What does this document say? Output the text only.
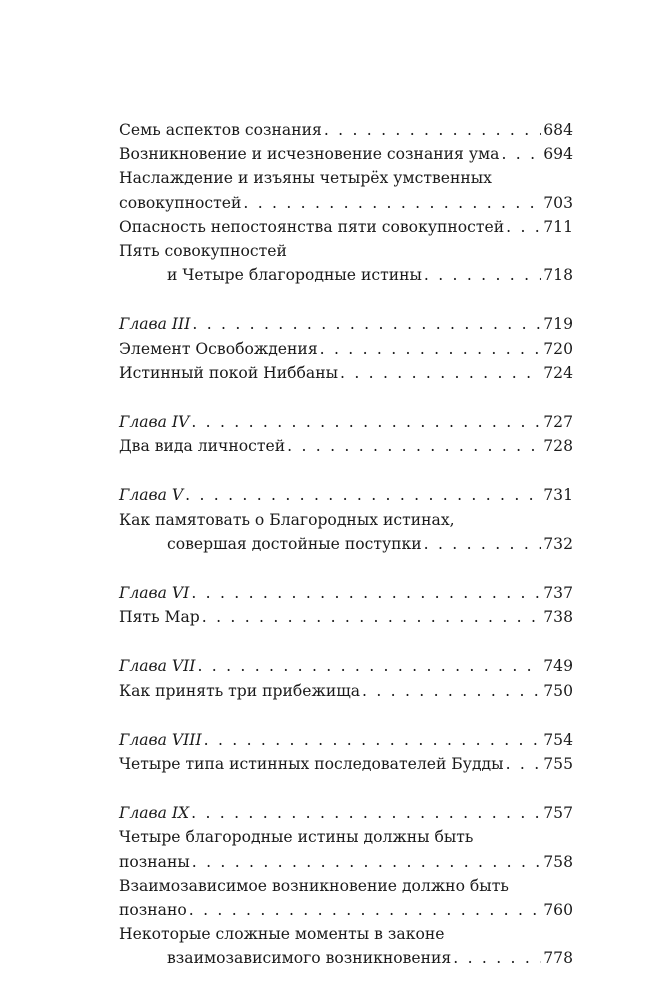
Семь аспектов сознания . . .	684
Возникновение и исчезновение сознания ума . . .	694
Наслаждение и изъяны четырёх умственных
совокупностей . . .	703
Опасность непостоянства пяти совокупностей . . .	711
Пять совокупностей
и Четыре благородные истины . . .	718
Глава III . . .	719
Элемент Освобождения . . .	720
Истинный покой Ниббаны . . .	724
Глава IV . . .	727
Два вида личностей . . .	728
Глава V . . .	731
Как памятовать о Благородных истинах,
совершая достойные поступки . . .	732
Глава VI . . .	737
Пять Мар . . .	738
Глава VII . . .	749
Как принять три прибежища . . .	750
Глава VIII . . .	754
Четыре типа истинных последователей Будды . . .	755
Глава IX . . .	757
Четыре благородные истины должны быть
познаны . . .	758
Взаимозависимое возникновение должно быть
познано . . .	760
Некоторые сложные моменты в законе
взаимозависимого возникновения . . .	778
